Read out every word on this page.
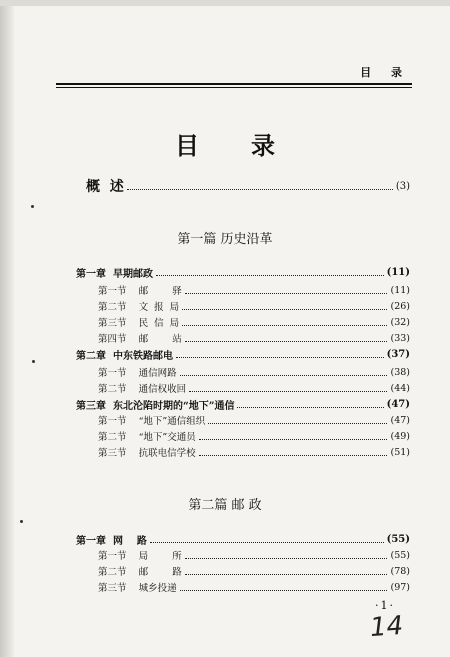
目 录
目录
概  述	(3)
第一篇 历史沿革
第一章  早期邮政	(11)
第一节    邮        驿	(11)
第二节    文  报  局	(26)
第三节    民  信  局	(32)
第四节    邮        站	(33)
第二章  中东铁路邮电	(37)
第一节    通信网路	(38)
第二节    通信权收回	(44)
第三章  东北沦陷时期的“地下”通信	(47)
第一节    “地下”通信组织	(47)
第二节    “地下”交通员	(49)
第三节    抗联电信学校	(51)
第二篇 邮 政
第一章  网    路	(55)
第一节    局        所	(55)
第二节    邮        路	(78)
第三节    城乡投递	(97)
·1·
14
